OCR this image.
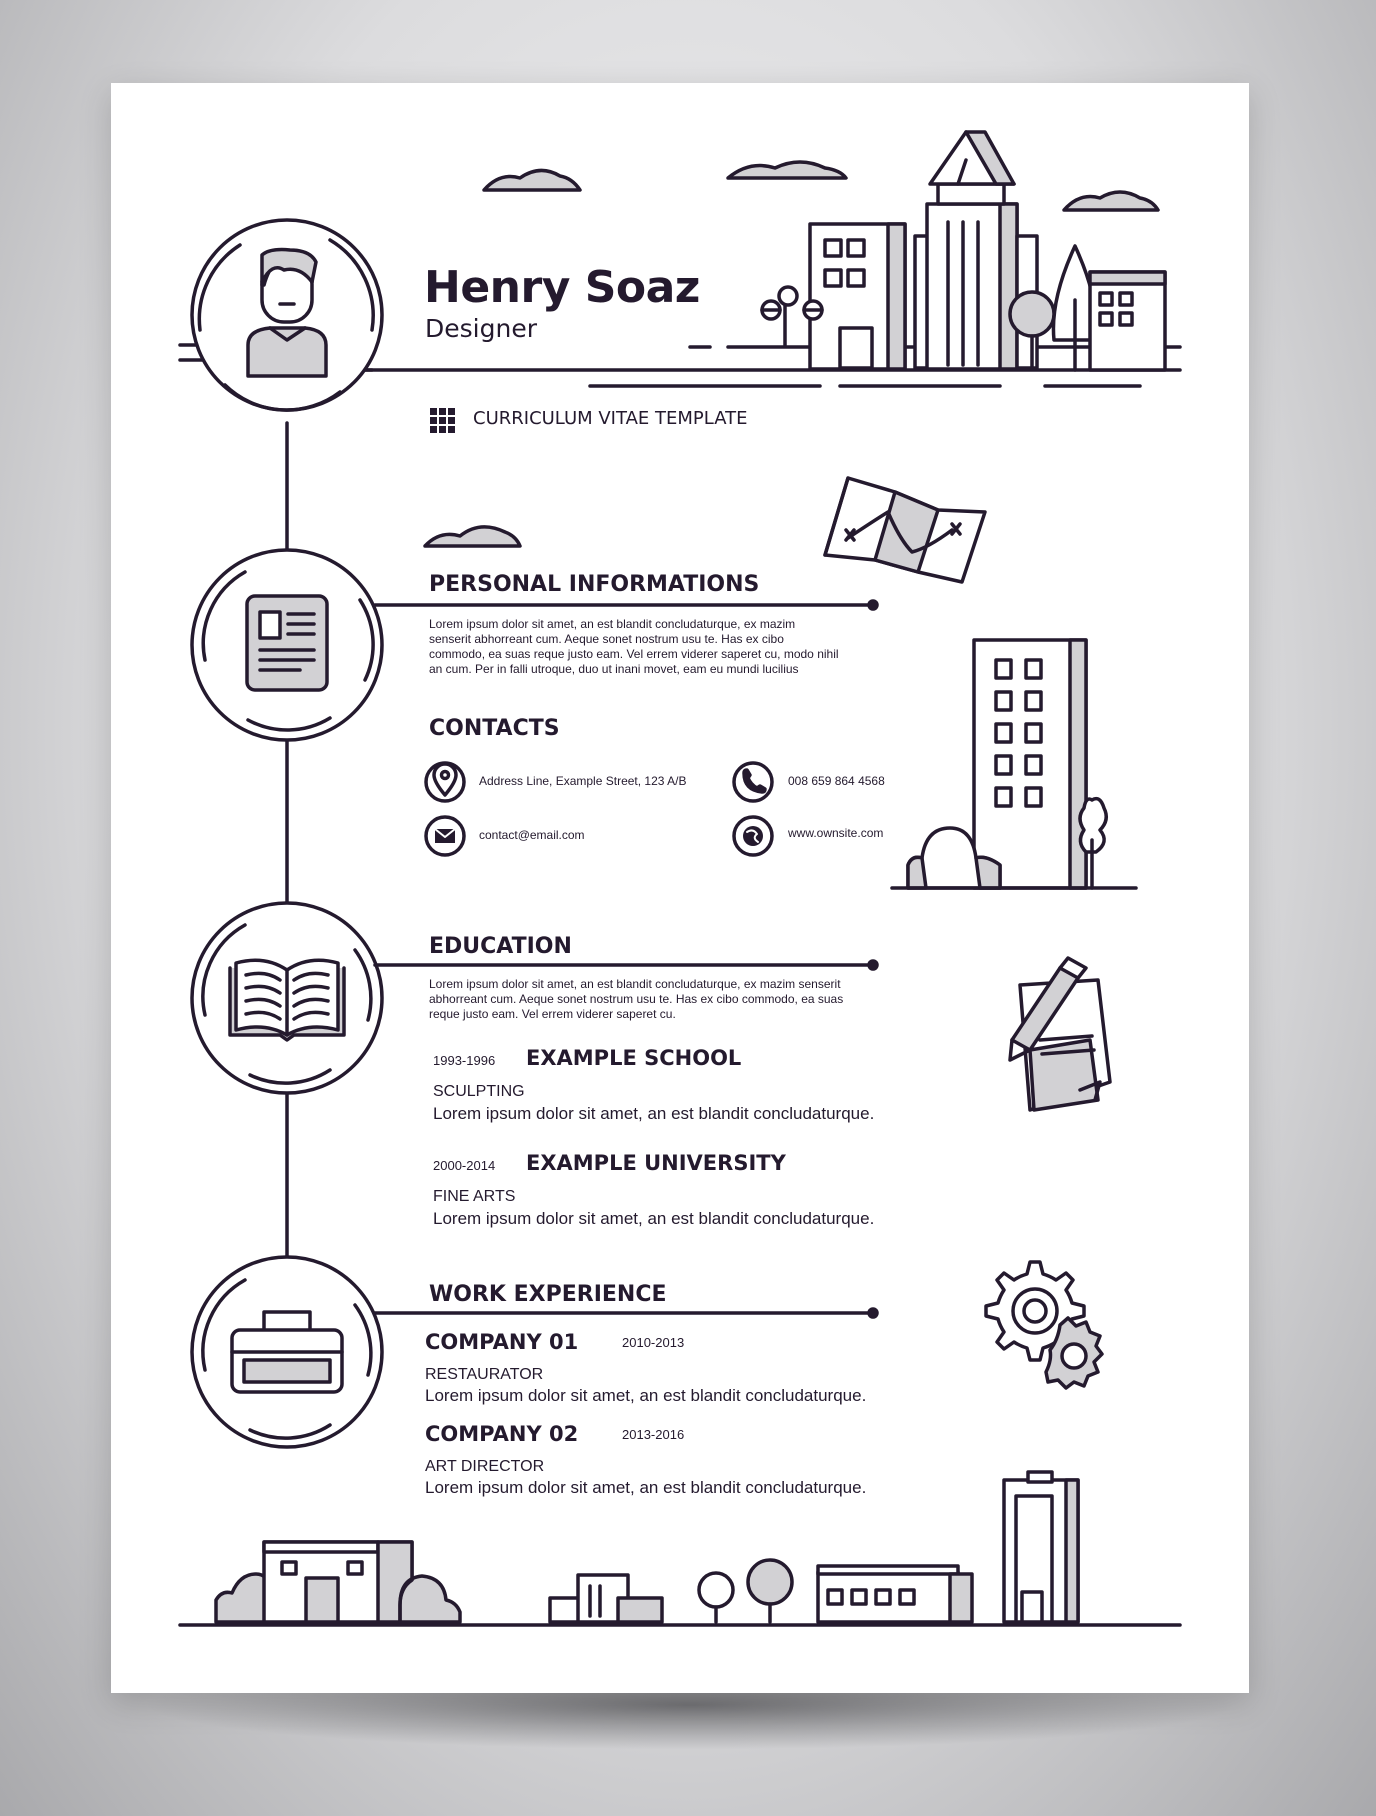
Henry Soaz
Designer
CURRICULUM VITAE TEMPLATE
PERSONAL INFORMATIONS
Lorem ipsum dolor sit amet, an est blandit concludaturque, ex mazim
senserit abhorreant cum. Aeque sonet nostrum usu te. Has ex cibo
commodo, ea suas reque justo eam. Vel errem viderer saperet cu, modo nihil
an cum. Per in falli utroque, duo ut inani movet, eam eu mundi lucilius
CONTACTS
Address Line, Example Street, 123 A/B	008 659 864 4568
contact@email.com	www.ownsite.com
EDUCATION
Lorem ipsum dolor sit amet, an est blandit concludaturque, ex mazim senserit
abhorreant cum. Aeque sonet nostrum usu te. Has ex cibo commodo, ea suas
reque justo eam. Vel errem viderer saperet cu.
1993-1996 EXAMPLE SCHOOL
SCULPTING
Lorem ipsum dolor sit amet, an est blandit concludaturque.
2000-2014 EXAMPLE UNIVERSITY
FINE ARTS
Lorem ipsum dolor sit amet, an est blandit concludaturque.
WORK EXPERIENCE
COMPANY 01	2010-2013
RESTAURATOR
Lorem ipsum dolor sit amet, an est blandit concludaturque.
COMPANY 02	2013-2016
ART DIRECTOR
Lorem ipsum dolor sit amet, an est blandit concludaturque.
